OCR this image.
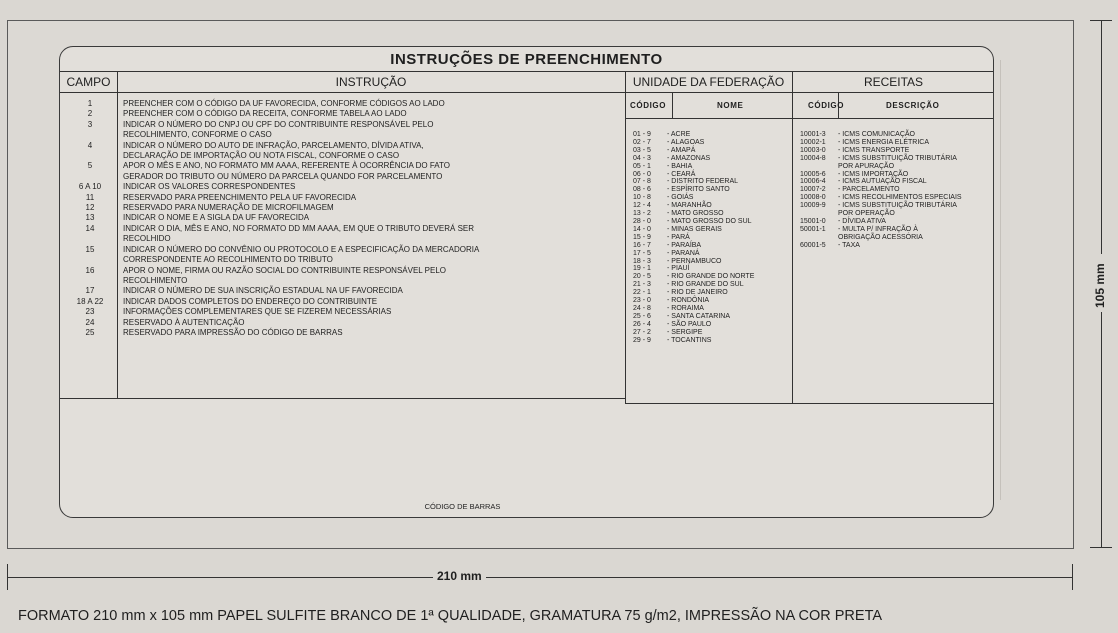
INSTRUÇÕES DE PREENCHIMENTO
CAMPO	INSTRUÇÃO	UNIDADE DA FEDERAÇÃO	RECEITAS
CÓDIGO	NOME	CÓDIGO	DESCRIÇÃO
1	PREENCHER COM O CÓDIGO DA UF FAVORECIDA, CONFORME CÓDIGOS AO LADO
2	PREENCHER COM O CÓDIGO DA RECEITA, CONFORME TABELA AO LADO
3	INDICAR O NÚMERO DO CNPJ OU CPF DO CONTRIBUINTE RESPONSÁVEL PELO
RECOLHIMENTO, CONFORME O CASO
4	INDICAR O NÚMERO DO AUTO DE INFRAÇÃO, PARCELAMENTO, DÍVIDA ATIVA,
DECLARAÇÃO DE IMPORTAÇÃO OU NOTA FISCAL, CONFORME O CASO
5	APOR O MÊS E ANO, NO FORMATO MM AAAA, REFERENTE À OCORRÊNCIA DO FATO
GERADOR DO TRIBUTO OU NÚMERO DA PARCELA QUANDO FOR PARCELAMENTO
6 A 10	INDICAR OS VALORES CORRESPONDENTES
11	RESERVADO PARA PREENCHIMENTO PELA UF FAVORECIDA
12	RESERVADO PARA NUMERAÇÃO DE MICROFILMAGEM
13	INDICAR O NOME E A SIGLA DA UF FAVORECIDA
14	INDICAR O DIA, MÊS E ANO, NO FORMATO DD MM AAAA, EM QUE O TRIBUTO DEVERÁ SER
RECOLHIDO
15	INDICAR O NÚMERO DO CONVÊNIO OU PROTOCOLO E A ESPECIFICAÇÃO DA MERCADORIA
CORRESPONDENTE AO RECOLHIMENTO DO TRIBUTO
16	APOR O NOME, FIRMA OU RAZÃO SOCIAL DO CONTRIBUINTE RESPONSÁVEL PELO
RECOLHIMENTO
17	INDICAR O NÚMERO DE SUA INSCRIÇÃO ESTADUAL NA UF FAVORECIDA
18 A 22	INDICAR DADOS COMPLETOS DO ENDEREÇO DO CONTRIBUINTE
23	INFORMAÇÕES COMPLEMENTARES QUE SE FIZEREM NECESSÁRIAS
24	RESERVADO À AUTENTICAÇÃO
25	RESERVADO PARA IMPRESSÃO DO CÓDIGO DE BARRAS
01 - 9	- ACRE
02 - 7	- ALAGOAS
03 - 5	- AMAPÁ
04 - 3	- AMAZONAS
05 - 1	- BAHIA
06 - 0	- CEARÁ
07 - 8	- DISTRITO FEDERAL
08 - 6	- ESPÍRITO SANTO
10 - 8	- GOIÁS
12 - 4	- MARANHÃO
13 - 2	- MATO GROSSO
28 - 0	- MATO GROSSO DO SUL
14 - 0	- MINAS GERAIS
15 - 9	- PARÁ
16 - 7	- PARAÍBA
17 - 5	- PARANÁ
18 - 3	- PERNAMBUCO
19 - 1	- PIAUÍ
20 - 5	- RIO GRANDE DO NORTE
21 - 3	- RIO GRANDE DO SUL
22 - 1	- RIO DE JANEIRO
23 - 0	- RONDÔNIA
24 - 8	- RORAIMA
25 - 6	- SANTA CATARINA
26 - 4	- SÃO PAULO
27 - 2	- SERGIPE
29 - 9	- TOCANTINS
10001-3	- ICMS COMUNICAÇÃO
10002-1	- ICMS ENERGIA ELÉTRICA
10003-0	- ICMS TRANSPORTE
10004-8	- ICMS SUBSTITUIÇÃO TRIBUTÁRIA
POR APURAÇÃO
10005-6	- ICMS IMPORTAÇÃO
10006-4	- ICMS AUTUAÇÃO FISCAL
10007-2	- PARCELAMENTO
10008-0	- ICMS RECOLHIMENTOS ESPECIAIS
10009-9	- ICMS SUBSTITUIÇÃO TRIBUTÁRIA
POR OPERAÇÃO
15001-0	- DÍVIDA ATIVA
50001-1	- MULTA P/ INFRAÇÃO À
OBRIGAÇÃO ACESSÓRIA
60001-5	- TAXA
CÓDIGO DE BARRAS
210 mm
105 mm
FORMATO 210 mm x 105 mm PAPEL SULFITE BRANCO DE 1ª QUALIDADE, GRAMATURA 75 g/m2, IMPRESSÃO NA COR PRETA
